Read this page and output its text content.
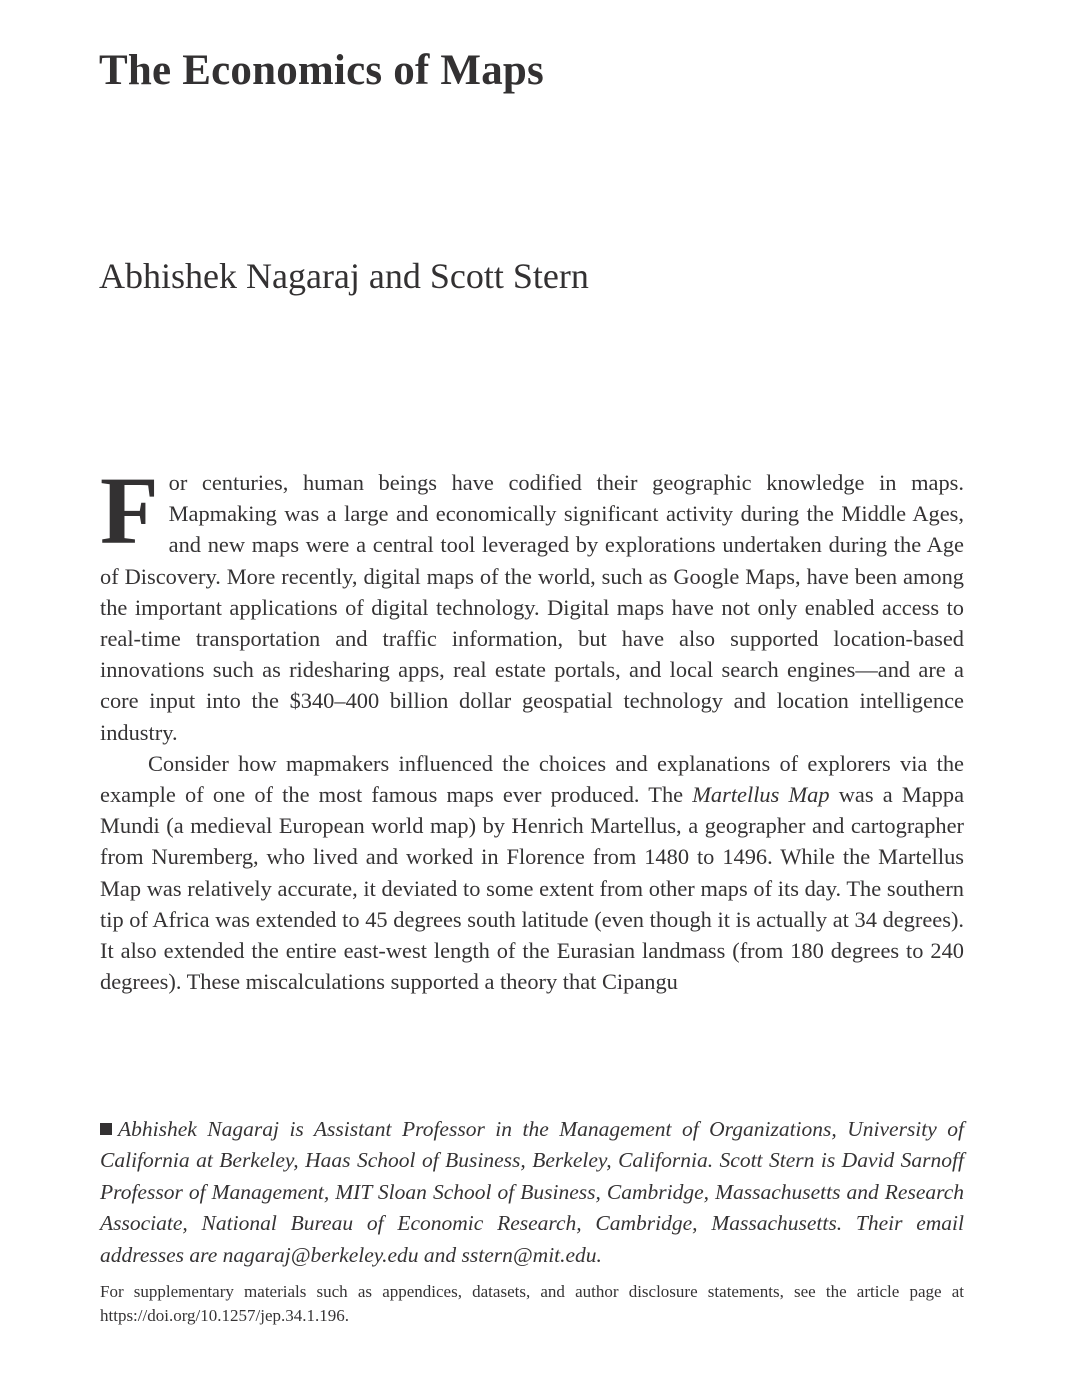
The Economics of Maps
Abhishek Nagaraj and Scott Stern

For centuries, human beings have codified their geographic knowledge in maps. Mapmaking was a large and economically significant activity during the Middle Ages, and new maps were a central tool leveraged by explorations undertaken during the Age of Discovery. More recently, digital maps of the world, such as Google Maps, have been among the important applications of digital technology. Digital maps have not only enabled access to real-time transportation and traffic information, but have also supported location-based innovations such as ridesharing apps, real estate portals, and local search engines—and are a core input into the $340–400 billion dollar geospatial technology and location intelligence industry.

Consider how mapmakers influenced the choices and explanations of explorers via the example of one of the most famous maps ever produced. The Martellus Map was a Mappa Mundi (a medieval European world map) by Henrich Martellus, a geographer and cartographer from Nuremberg, who lived and worked in Florence from 1480 to 1496. While the Martellus Map was relatively accurate, it deviated to some extent from other maps of its day. The southern tip of Africa was extended to 45 degrees south latitude (even though it is actually at 34 degrees). It also extended the entire east-west length of the Eurasian landmass (from 180 degrees to 240 degrees). These miscalculations supported a theory that Cipangu

Abhishek Nagaraj is Assistant Professor in the Management of Organizations, University of California at Berkeley, Haas School of Business, Berkeley, California. Scott Stern is David Sarnoff Professor of Management, MIT Sloan School of Business, Cambridge, Massachusetts and Research Associate, National Bureau of Economic Research, Cambridge, Massachusetts. Their email addresses are nagaraj@berkeley.edu and sstern@mit.edu.
For supplementary materials such as appendices, datasets, and author disclosure statements, see the article page at https://doi.org/10.1257/jep.34.1.196.
